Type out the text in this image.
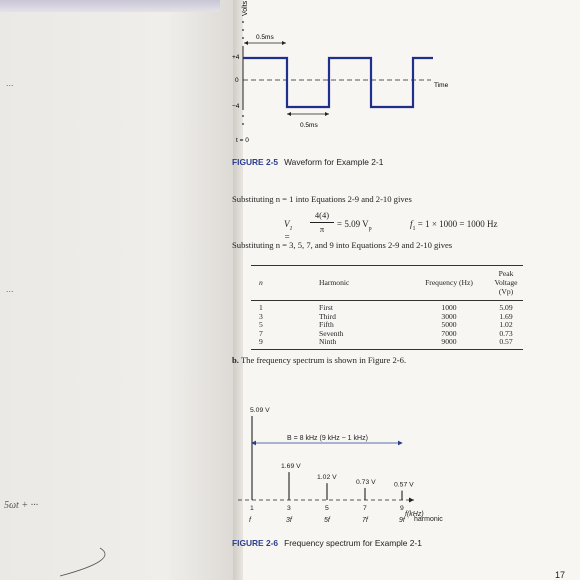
...
...
5ωt + ···
Volts
+4
0
−4
0.5ms
Time
0.5ms
t = 0
FIGURE 2-5 Waveform for Example 2-1
Substituting n = 1 into Equations 2-9 and 2-10 gives
$V_1$ =
4(4)
π	= 5.09 $V_p$	$f_1 = 1 \times 1000 = 1000$ Hz
Substituting n = 3, 5, 7, and 9 into Equations 2-9 and 2-10 gives
n	Harmonic	Frequency (Hz)	Peak Voltage (Vp)
1	First	1000	5.09
3	Third	3000	1.69
5	Fifth	5000	1.02
7	Seventh	7000	0.73
9	Ninth	9000	0.57
b. The frequency spectrum is shown in Figure 2-6.
B = 8 kHz (9 kHz − 1 kHz)
5.09 V
1
f
1.69 V
3
3f
1.02 V
5
5f
0.73 V
7
7f
0.57 V
9
9f
f(kHz)
harmonic
FIGURE 2-6 Frequency spectrum for Example 2-1
17
